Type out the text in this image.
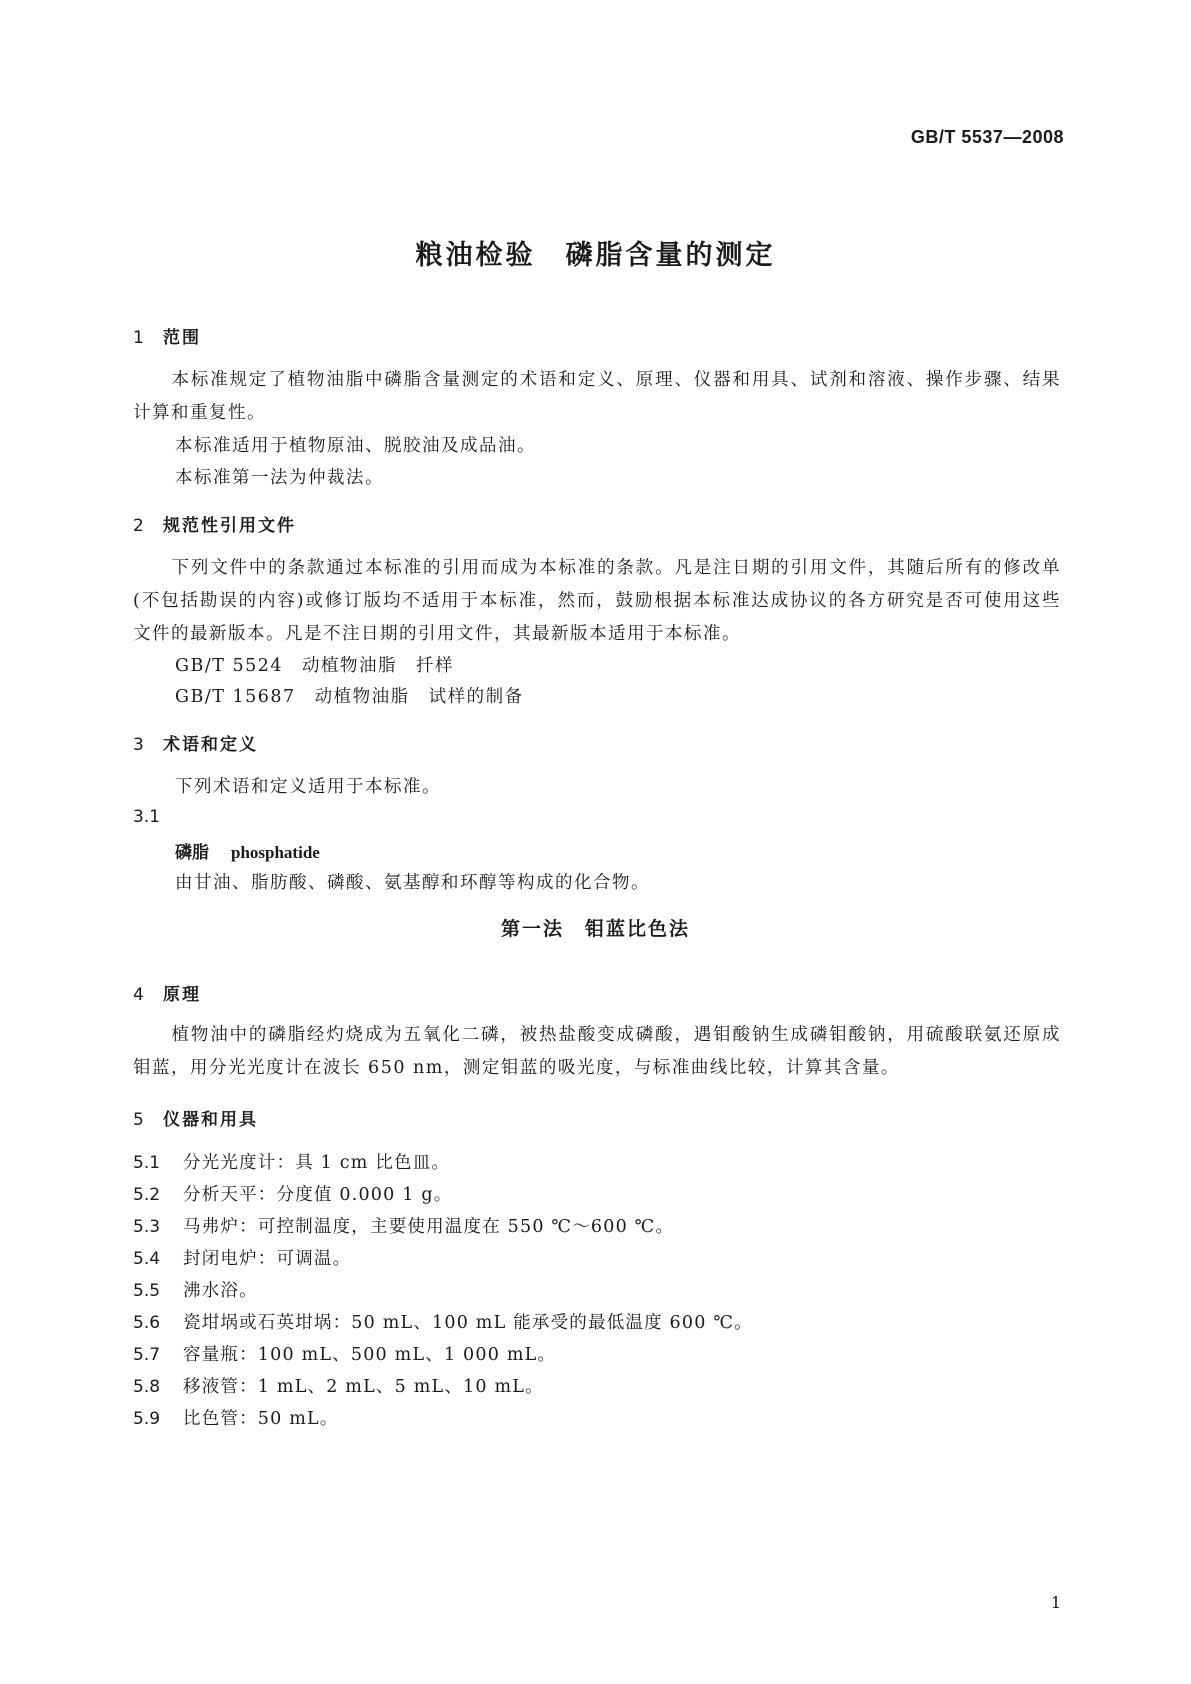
GB/T 5537—2008
粮油检验　磷脂含量的测定
1 范围
本标准规定了植物油脂中磷脂含量测定的术语和定义、原理、仪器和用具、试剂和溶液、操作步骤、结果计算和重复性。
本标准适用于植物原油、脱胶油及成品油。
本标准第一法为仲裁法。
2 规范性引用文件
下列文件中的条款通过本标准的引用而成为本标准的条款。凡是注日期的引用文件，其随后所有的修改单(不包括勘误的内容)或修订版均不适用于本标准，然而，鼓励根据本标准达成协议的各方研究是否可使用这些文件的最新版本。凡是不注日期的引用文件，其最新版本适用于本标准。
GB/T 5524　动植物油脂　扦样
GB/T 15687　动植物油脂　试样的制备
3 术语和定义
下列术语和定义适用于本标准。
3.1
磷脂 phosphatide
由甘油、脂肪酸、磷酸、氨基醇和环醇等构成的化合物。
第一法　钼蓝比色法
4 原理
植物油中的磷脂经灼烧成为五氧化二磷，被热盐酸变成磷酸，遇钼酸钠生成磷钼酸钠，用硫酸联氨还原成钼蓝，用分光光度计在波长 650 nm，测定钼蓝的吸光度，与标准曲线比较，计算其含量。
5 仪器和用具
5.1 分光光度计：具 1 cm 比色皿。
5.2 分析天平：分度值 0.000 1 g。
5.3 马弗炉：可控制温度，主要使用温度在 550 ℃～600 ℃。
5.4 封闭电炉：可调温。
5.5 沸水浴。
5.6 瓷坩埚或石英坩埚：50 mL、100 mL 能承受的最低温度 600 ℃。
5.7 容量瓶：100 mL、500 mL、1 000 mL。
5.8 移液管：1 mL、2 mL、5 mL、10 mL。
5.9 比色管：50 mL。
1
